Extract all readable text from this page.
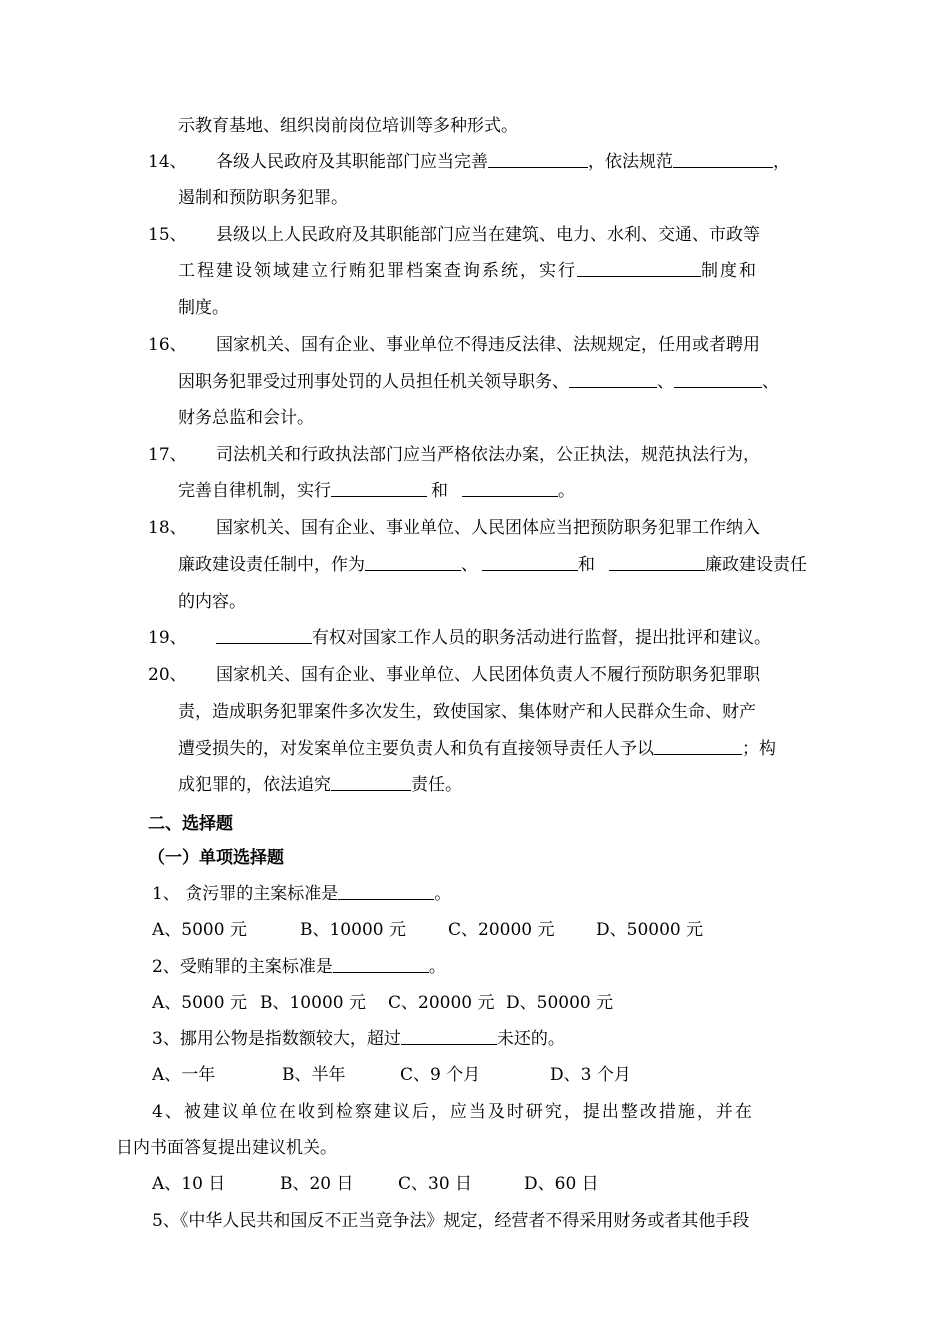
示教育基地、组织岗前岗位培训等多种形式。
14、 各级人民政府及其职能部门应当完善	，依法规范	，
遏制和预防职务犯罪。
15、 县级以上人民政府及其职能部门应当在建筑、电力、水利、交通、市政等
工程建设领域建立行贿犯罪档案查询系统，实行	制度和
制度。
16、 国家机关、国有企业、事业单位不得违反法律、法规规定，任用或者聘用
因职务犯罪受过刑事处罚的人员担任机关领导职务、	、	、
财务总监和会计。
17、 司法机关和行政执法部门应当严格依法办案，公正执法，规范执法行为，
完善自律机制，实行	和	。
18、 国家机关、国有企业、事业单位、人民团体应当把预防职务犯罪工作纳入
廉政建设责任制中，作为	、	和	廉政建设责任
的内容。
19、	有权对国家工作人员的职务活动进行监督，提出批评和建议。
20、 国家机关、国有企业、事业单位、人民团体负责人不履行预防职务犯罪职
责，造成职务犯罪案件多次发生，致使国家、集体财产和人民群众生命、财产
遭受损失的，对发案单位主要负责人和负有直接领导责任人予以	；构
成犯罪的，依法追究	责任。
二、选择题
（一）单项选择题
1、 贪污罪的主案标准是	。
A、5000 元	B、10000 元 C、20000 元 D、50000 元
2、受贿罪的主案标准是	。
A、5000 元 B、10000 元 C、20000 元 D、50000 元
3、挪用公物是指数额较大，超过	未还的。
A、一年	B、半年	C、9 个月	D、3 个月
4、被建议单位在收到检察建议后，应当及时研究，提出整改措施，并在
日内书面答复提出建议机关。
A、10 日	B、20 日	C、30 日	D、60 日
5、《中华人民共和国反不正当竞争法》规定，经营者不得采用财务或者其他手段
